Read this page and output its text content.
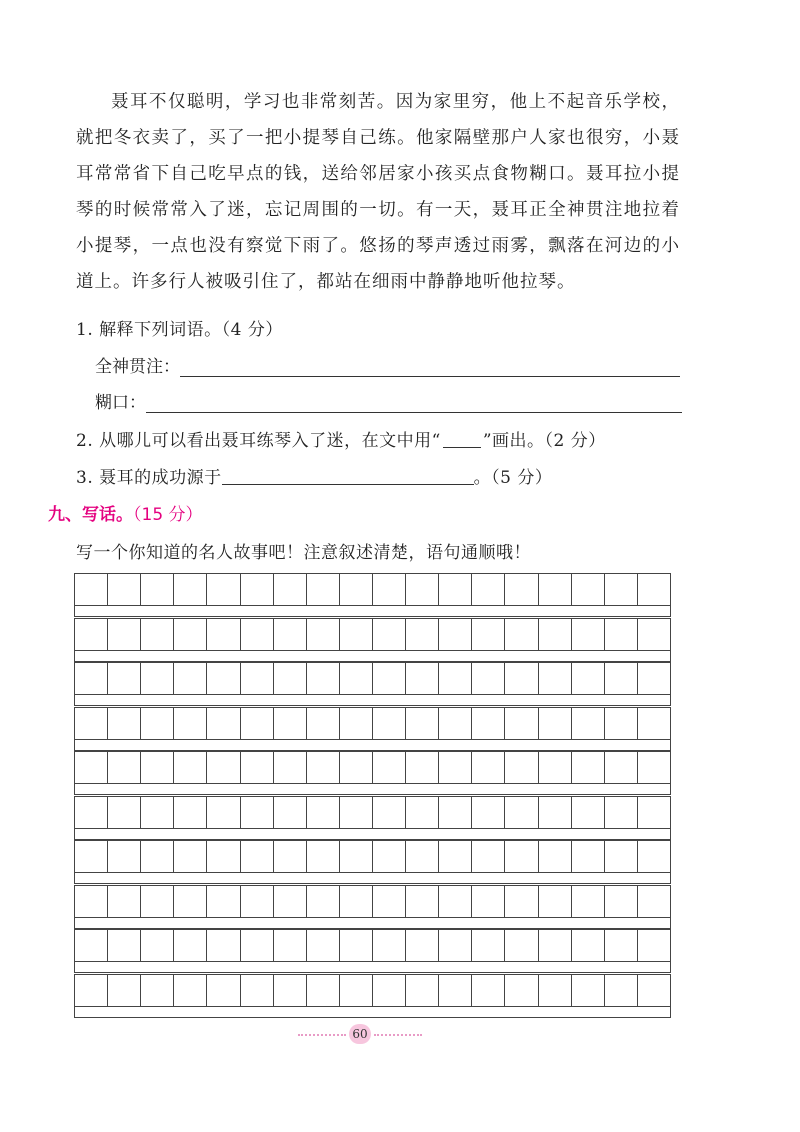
聂耳不仅聪明，学习也非常刻苦。因为家里穷，他上不起音乐学校，就把冬衣卖了，买了一把小提琴自己练。他家隔壁那户人家也很穷，小聂耳常常省下自己吃早点的钱，送给邻居家小孩买点食物糊口。聂耳拉小提琴的时候常常入了迷，忘记周围的一切。有一天，聂耳正全神贯注地拉着小提琴，一点也没有察觉下雨了。悠扬的琴声透过雨雾，飘落在河边的小道上。许多行人被吸引住了，都站在细雨中静静地听他拉琴。

1. 解释下列词语。（4 分）
全神贯注：
糊口：
2. 从哪儿可以看出聂耳练琴入了迷，在文中用“ ”画出。（2 分）
3. 聂耳的成功源于	。（5 分）
九、写话。（15 分）
写一个你知道的名人故事吧！注意叙述清楚，语句通顺哦！
60
